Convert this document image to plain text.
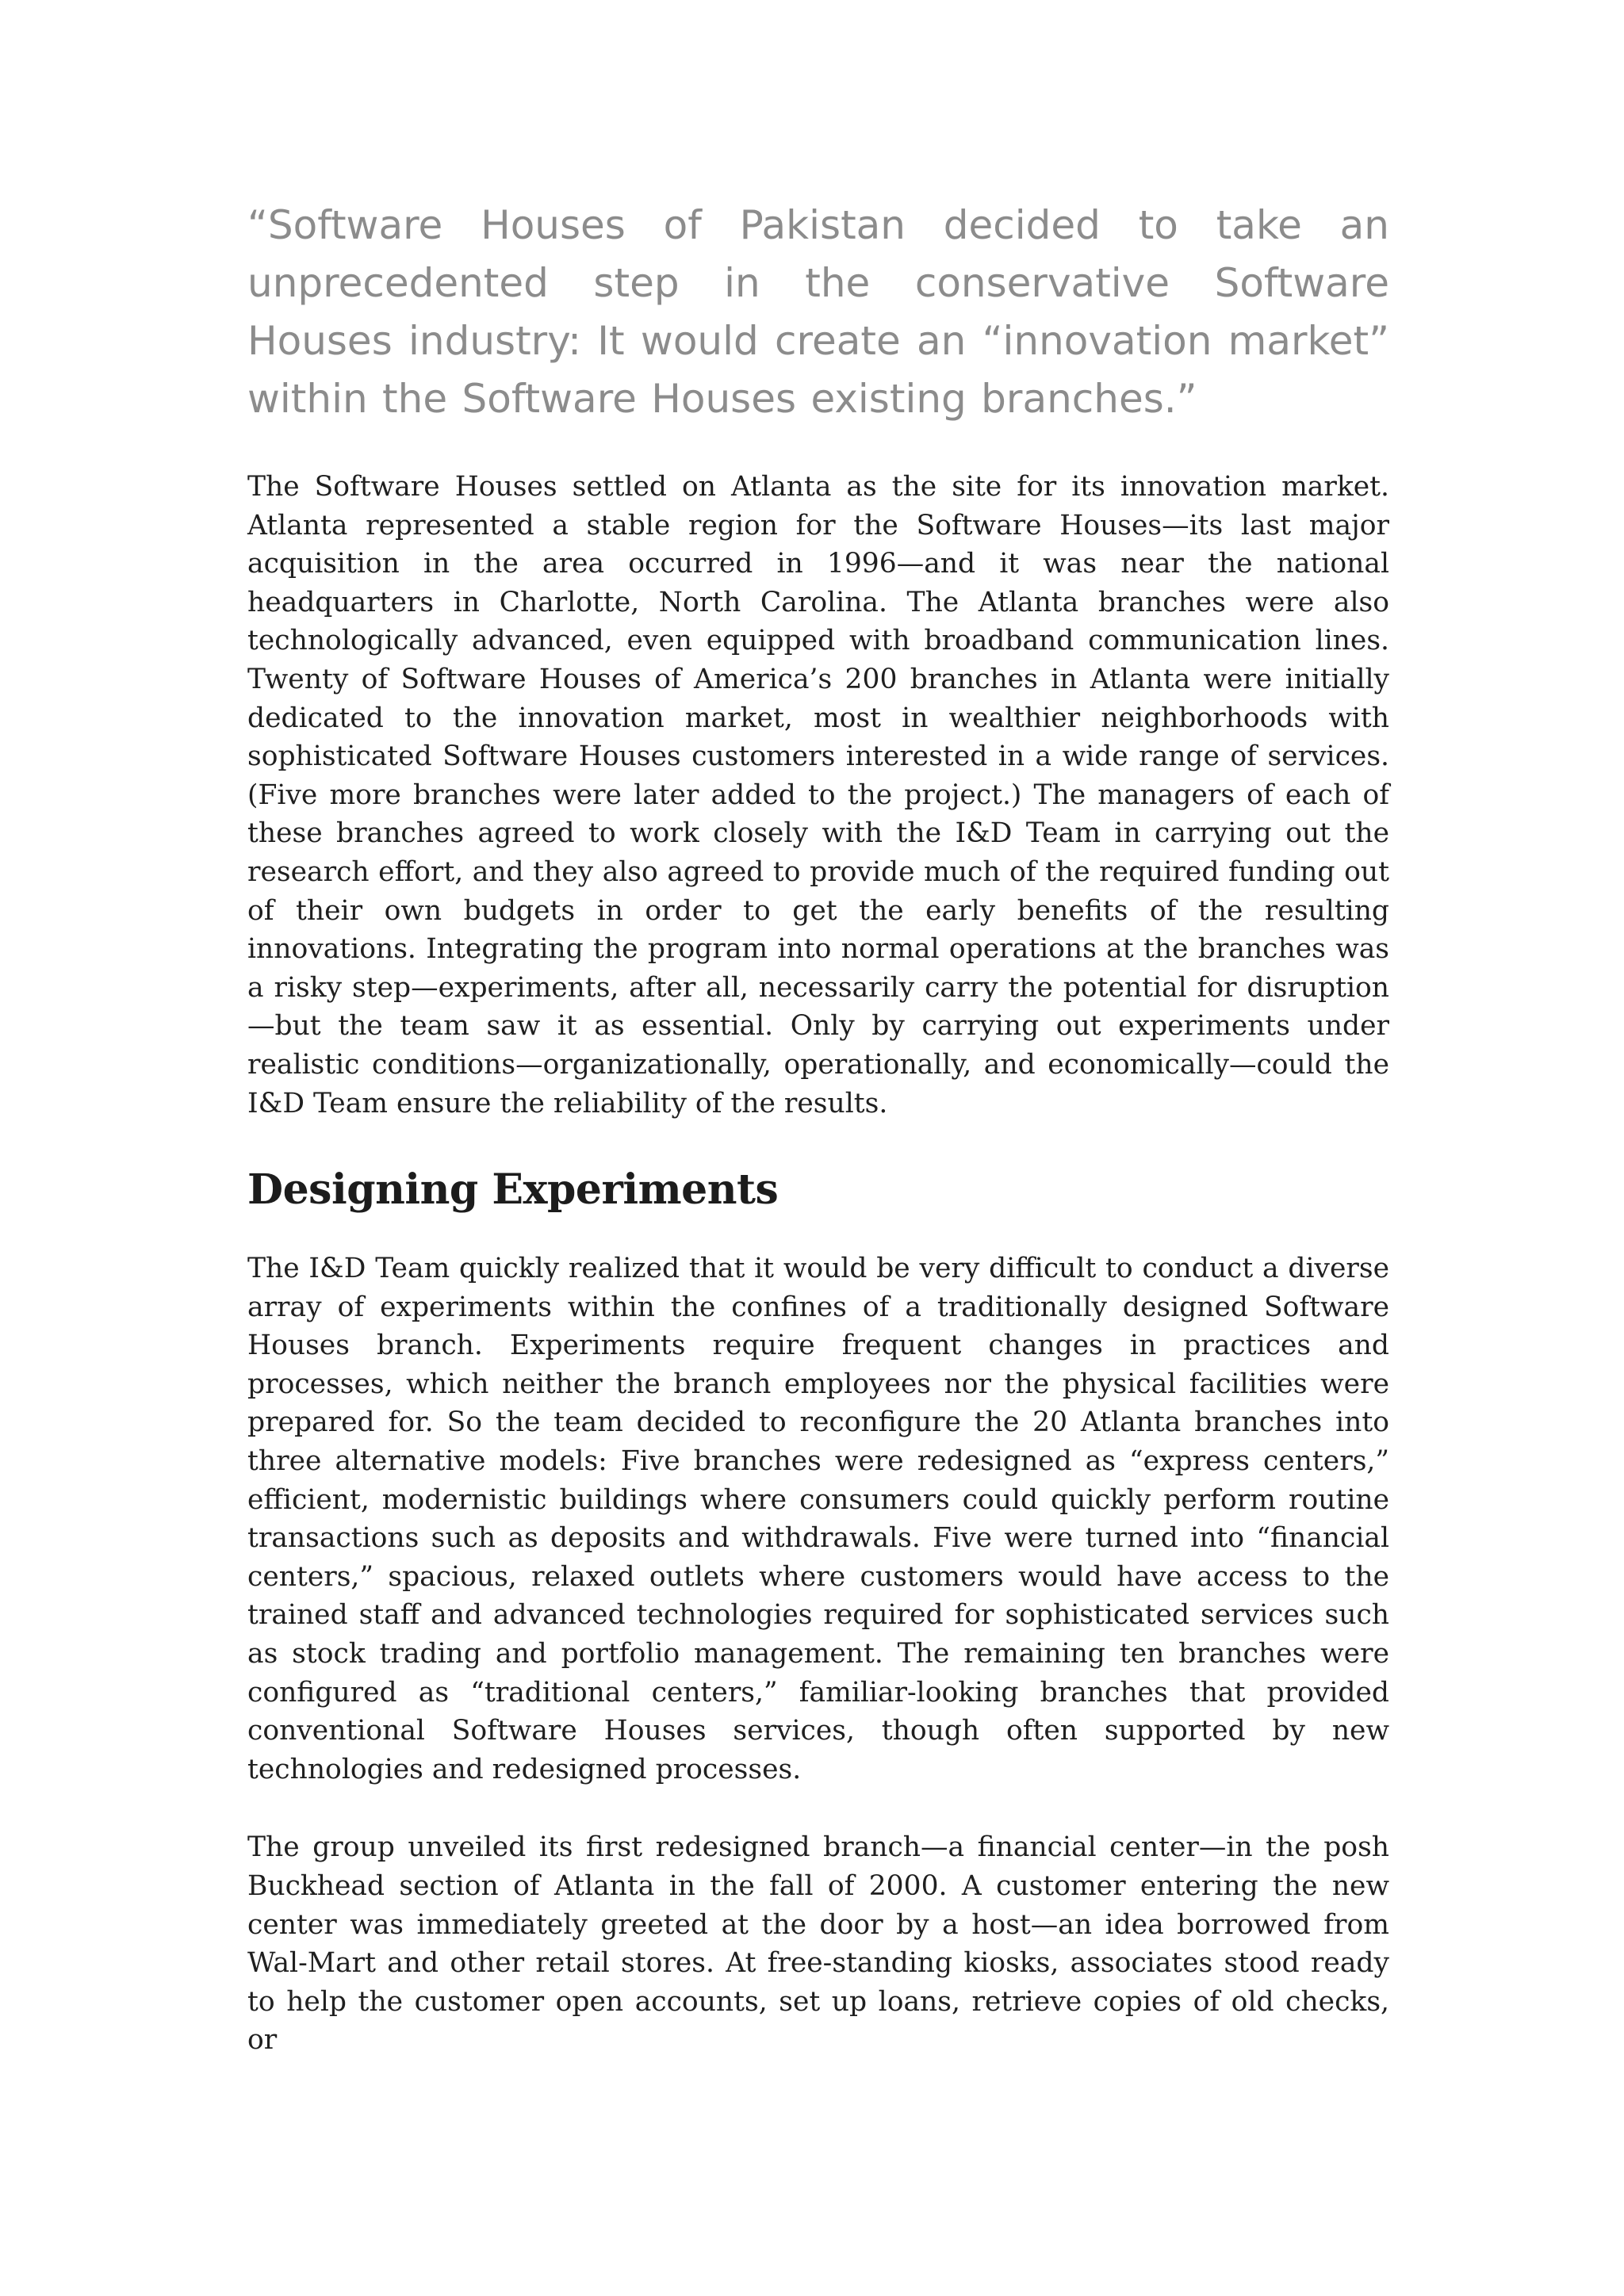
“Software Houses of Pakistan decided to take an unprecedented step in the conservative Software Houses industry: It would create an “innovation market” within the Software Houses existing branches.”

The Software Houses settled on Atlanta as the site for its innovation market. Atlanta represented a stable region for the Software Houses—its last major acquisition in the area occurred in 1996—and it was near the national headquarters in Charlotte, North Carolina. The Atlanta branches were also technologically advanced, even equipped with broadband communication lines. Twenty of Software Houses of America’s 200 branches in Atlanta were initially dedicated to the innovation market, most in wealthier neighborhoods with sophisticated Software Houses customers interested in a wide range of services. (Five more branches were later added to the project.) The managers of each of these branches agreed to work closely with the I&D Team in carrying out the research effort, and they also agreed to provide much of the required funding out of their own budgets in order to get the early benefits of the resulting innovations. Integrating the program into normal operations at the branches was a risky step—experiments, after all, necessarily carry the potential for disruption—but the team saw it as essential. Only by carrying out experiments under realistic conditions—organizationally, operationally, and economically—could the I&D Team ensure the reliability of the results.

Designing Experiments

The I&D Team quickly realized that it would be very difficult to conduct a diverse array of experiments within the confines of a traditionally designed Software Houses branch. Experiments require frequent changes in practices and processes, which neither the branch employees nor the physical facilities were prepared for. So the team decided to reconfigure the 20 Atlanta branches into three alternative models: Five branches were redesigned as “express centers,” efficient, modernistic buildings where consumers could quickly perform routine transactions such as deposits and withdrawals. Five were turned into “financial centers,” spacious, relaxed outlets where customers would have access to the trained staff and advanced technologies required for sophisticated services such as stock trading and portfolio management. The remaining ten branches were configured as “traditional centers,” familiar-looking branches that provided conventional Software Houses services, though often supported by new technologies and redesigned processes.

The group unveiled its first redesigned branch—a financial center—in the posh Buckhead section of Atlanta in the fall of 2000. A customer entering the new center was immediately greeted at the door by a host—an idea borrowed from Wal-Mart and other retail stores. At free-standing kiosks, associates stood ready to help the customer open accounts, set up loans, retrieve copies of old checks, or
